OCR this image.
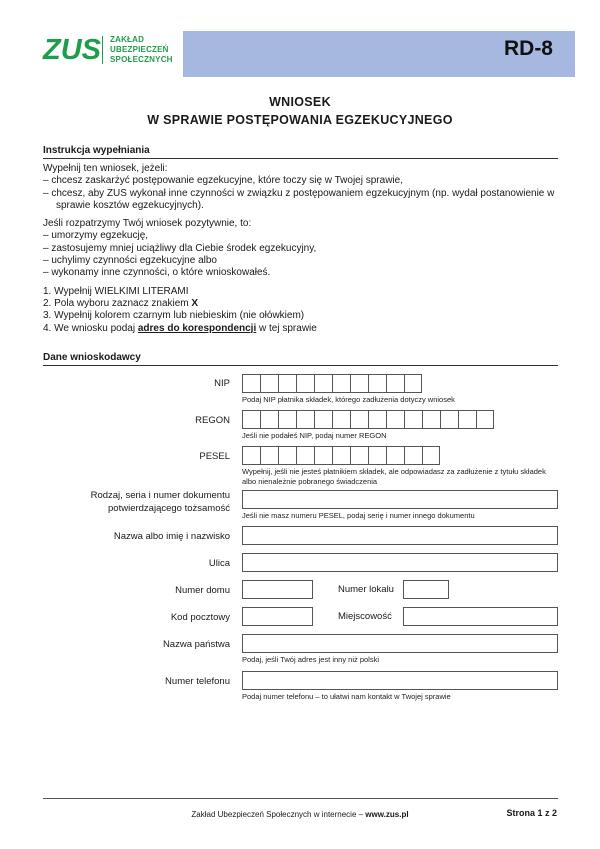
ZUS ZAKŁAD
UBEZPIECZEŃ
SPOŁECZNYCH	RD-8
WNIOSEK
W SPRAWIE POSTĘPOWANIA EGZEKUCYJNEGO
Instrukcja wypełniania
Wypełnij ten wniosek, jeżeli:
– chcesz zaskarżyć postępowanie egzekucyjne, które toczy się w Twojej sprawie,
– chcesz, aby ZUS wykonał inne czynności w związku z postępowaniem egzekucyjnym (np. wydał postanowienie w sprawie kosztów egzekucyjnych).
Jeśli rozpatrzymy Twój wniosek pozytywnie, to:
– umorzymy egzekucję,
– zastosujemy mniej uciążliwy dla Ciebie środek egzekucyjny,
– uchylimy czynności egzekucyjne albo
– wykonamy inne czynności, o które wnioskowałeś.
1. Wypełnij WIELKIMI LITERAMI
2. Pola wyboru zaznacz znakiem X
3. Wypełnij kolorem czarnym lub niebieskim (nie ołówkiem)
4. We wniosku podaj adres do korespondencji w tej sprawie
Dane wnioskodawcy
NIP
Podaj NIP płatnika składek, którego zadłużenia dotyczy wniosek
REGON
Jeśli nie podałeś NIP, podaj numer REGON
PESEL
Wypełnij, jeśli nie jesteś płatnikiem składek, ale odpowiadasz za zadłużenie z tytułu składek albo nienależnie pobranego świadczenia
Rodzaj, seria i numer dokumentu
potwierdzającego tożsamość
Jeśli nie masz numeru PESEL, podaj serię i numer innego dokumentu
Nazwa albo imię i nazwisko
Ulica
Numer domu	Numer lokalu
Kod pocztowy	Miejscowość
Nazwa państwa
Podaj, jeśli Twój adres jest inny niż polski
Numer telefonu
Podaj numer telefonu – to ułatwi nam kontakt w Twojej sprawie
Zakład Ubezpieczeń Społecznych w internecie – www.zus.pl	Strona 1 z 2
